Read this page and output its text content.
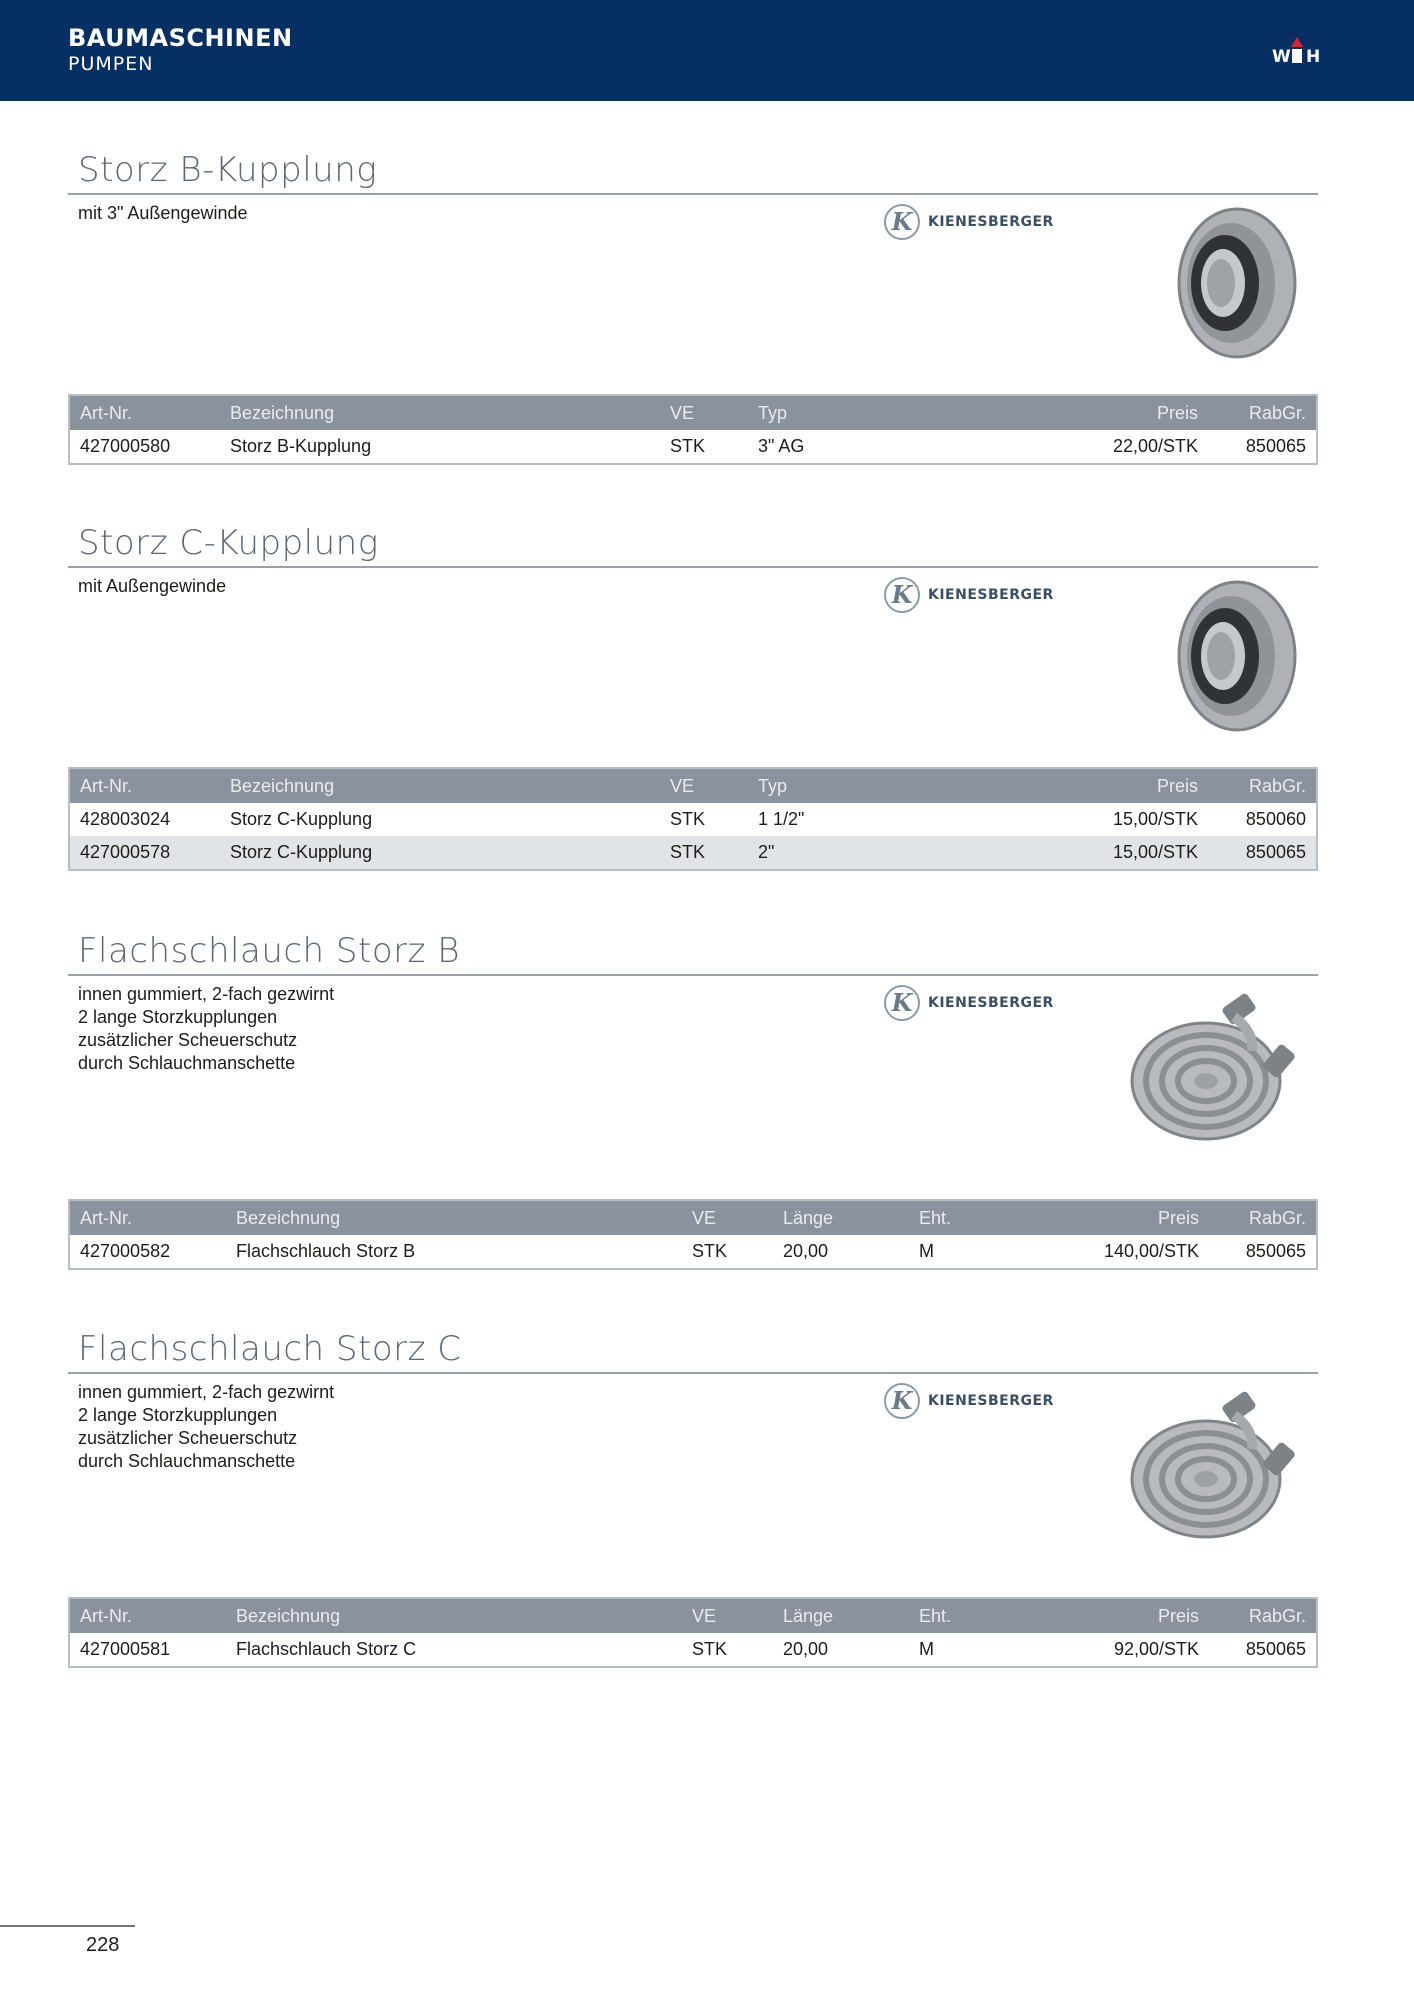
BAUMASCHINEN
PUMPEN	W H
Storz B-Kupplung
mit 3" Außengewinde	K	KIENESBERGER
Art-Nr.	Bezeichnung	VE	Typ	Preis	RabGr.
427000580	Storz B-Kupplung	STK	3" AG	22,00/STK	850065
Storz C-Kupplung
mit Außengewinde	K	KIENESBERGER
Art-Nr.	Bezeichnung	VE	Typ	Preis	RabGr.
428003024	Storz C-Kupplung	STK	1 1/2"	15,00/STK	850060
427000578	Storz C-Kupplung	STK	2"	15,00/STK	850065
Flachschlauch Storz B
innen gummiert, 2-fach gezwirnt
2 lange Storzkupplungen
zusätzlicher Scheuerschutz
durch Schlauchmanschette
K	KIENESBERGER
Art-Nr.	Bezeichnung	VE	Länge	Eht.	Preis	RabGr.
427000582	Flachschlauch Storz B	STK	20,00	M	140,00/STK	850065
Flachschlauch Storz C
innen gummiert, 2-fach gezwirnt
2 lange Storzkupplungen
zusätzlicher Scheuerschutz
durch Schlauchmanschette
K	KIENESBERGER
Art-Nr.	Bezeichnung	VE	Länge	Eht.	Preis	RabGr.
427000581	Flachschlauch Storz C	STK	20,00	M	92,00/STK	850065
228
